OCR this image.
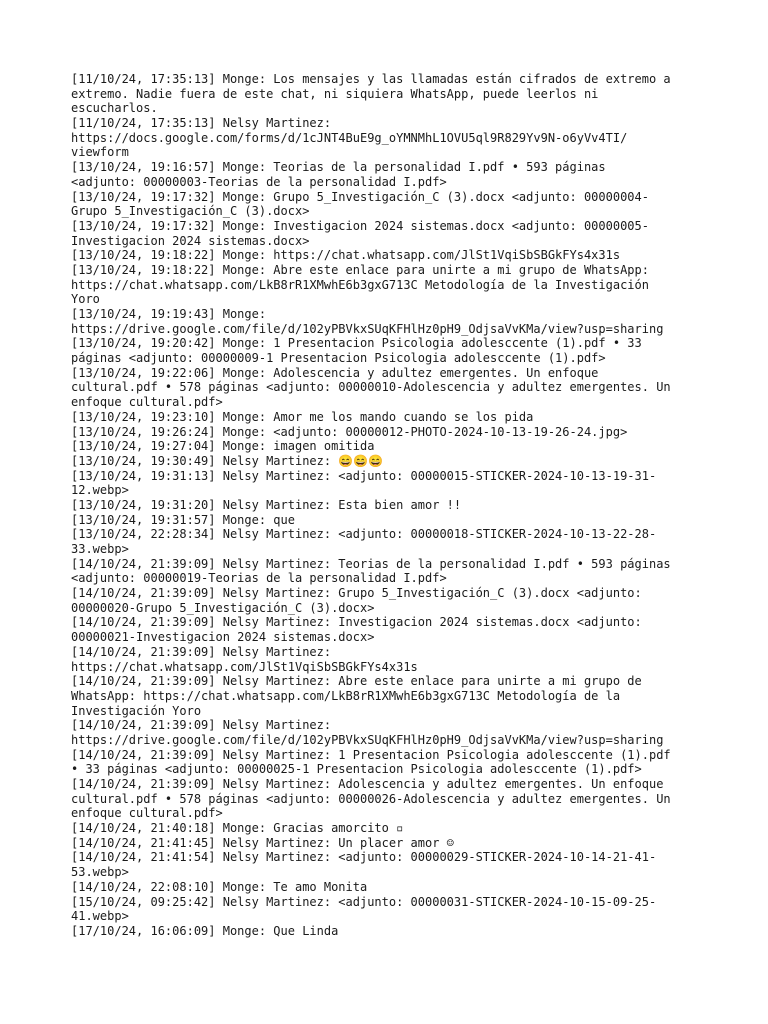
[11/10/24, 17:35:13] Monge: Los mensajes y las llamadas están cifrados de extremo a
extremo. Nadie fuera de este chat, ni siquiera WhatsApp, puede leerlos ni
escucharlos.
[11/10/24, 17:35:13] Nelsy Martinez:
https://docs.google.com/forms/d/1cJNT4BuE9g_oYMNMhL1OVU5ql9R829Yv9N-o6yVv4TI/
viewform
[13/10/24, 19:16:57] Monge: Teorias de la personalidad I.pdf • 593 páginas
<adjunto: 00000003-Teorias de la personalidad I.pdf>
[13/10/24, 19:17:32] Monge: Grupo 5_Investigación_C (3).docx <adjunto: 00000004-
Grupo 5_Investigación_C (3).docx>
[13/10/24, 19:17:32] Monge: Investigacion 2024 sistemas.docx <adjunto: 00000005-
Investigacion 2024 sistemas.docx>
[13/10/24, 19:18:22] Monge: https://chat.whatsapp.com/JlSt1VqiSbSBGkFYs4x31s
[13/10/24, 19:18:22] Monge: Abre este enlace para unirte a mi grupo de WhatsApp:
https://chat.whatsapp.com/LkB8rR1XMwhE6b3gxG713C Metodología de la Investigación
Yoro
[13/10/24, 19:19:43] Monge:
https://drive.google.com/file/d/102yPBVkxSUqKFHlHz0pH9_OdjsaVvKMa/view?usp=sharing
[13/10/24, 19:20:42] Monge: 1 Presentacion Psicologia adolesccente (1).pdf • 33
páginas <adjunto: 00000009-1 Presentacion Psicologia adolesccente (1).pdf>
[13/10/24, 19:22:06] Monge: Adolescencia y adultez emergentes. Un enfoque
cultural.pdf • 578 páginas <adjunto: 00000010-Adolescencia y adultez emergentes. Un
enfoque cultural.pdf>
[13/10/24, 19:23:10] Monge: Amor me los mando cuando se los pida
[13/10/24, 19:26:24] Monge: <adjunto: 00000012-PHOTO-2024-10-13-19-26-24.jpg>
[13/10/24, 19:27:04] Monge: imagen omitida
[13/10/24, 19:30:49] Nelsy Martinez: 😄😄😄
[13/10/24, 19:31:13] Nelsy Martinez: <adjunto: 00000015-STICKER-2024-10-13-19-31-
12.webp>
[13/10/24, 19:31:20] Nelsy Martinez: Esta bien amor !!
[13/10/24, 19:31:57] Monge: que
[13/10/24, 22:28:34] Nelsy Martinez: <adjunto: 00000018-STICKER-2024-10-13-22-28-
33.webp>
[14/10/24, 21:39:09] Nelsy Martinez: Teorias de la personalidad I.pdf • 593 páginas
<adjunto: 00000019-Teorias de la personalidad I.pdf>
[14/10/24, 21:39:09] Nelsy Martinez: Grupo 5_Investigación_C (3).docx <adjunto:
00000020-Grupo 5_Investigación_C (3).docx>
[14/10/24, 21:39:09] Nelsy Martinez: Investigacion 2024 sistemas.docx <adjunto:
00000021-Investigacion 2024 sistemas.docx>
[14/10/24, 21:39:09] Nelsy Martinez:
https://chat.whatsapp.com/JlSt1VqiSbSBGkFYs4x31s
[14/10/24, 21:39:09] Nelsy Martinez: Abre este enlace para unirte a mi grupo de
WhatsApp: https://chat.whatsapp.com/LkB8rR1XMwhE6b3gxG713C Metodología de la
Investigación Yoro
[14/10/24, 21:39:09] Nelsy Martinez:
https://drive.google.com/file/d/102yPBVkxSUqKFHlHz0pH9_OdjsaVvKMa/view?usp=sharing
[14/10/24, 21:39:09] Nelsy Martinez: 1 Presentacion Psicologia adolesccente (1).pdf
• 33 páginas <adjunto: 00000025-1 Presentacion Psicologia adolesccente (1).pdf>
[14/10/24, 21:39:09] Nelsy Martinez: Adolescencia y adultez emergentes. Un enfoque
cultural.pdf • 578 páginas <adjunto: 00000026-Adolescencia y adultez emergentes. Un
enfoque cultural.pdf>
[14/10/24, 21:40:18] Monge: Gracias amorcito ▫
[14/10/24, 21:41:45] Nelsy Martinez: Un placer amor ☺
[14/10/24, 21:41:54] Nelsy Martinez: <adjunto: 00000029-STICKER-2024-10-14-21-41-
53.webp>
[14/10/24, 22:08:10] Monge: Te amo Monita
[15/10/24, 09:25:42] Nelsy Martinez: <adjunto: 00000031-STICKER-2024-10-15-09-25-
41.webp>
[17/10/24, 16:06:09] Monge: Que Linda
